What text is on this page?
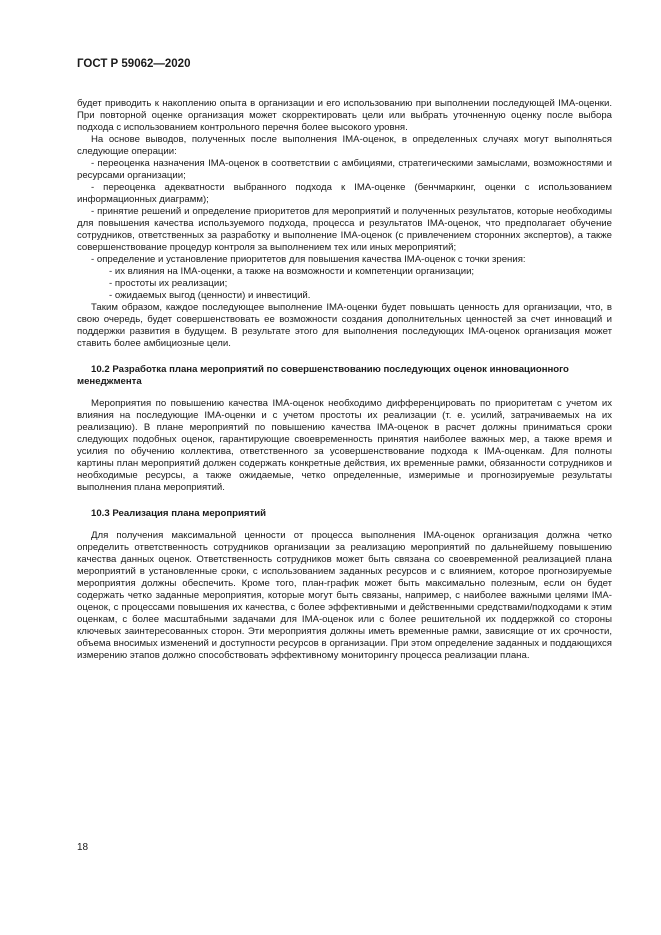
ГОСТ Р 59062—2020

будет приводить к накоплению опыта в организации и его использованию при выполнении последующей IMA-оценки. При повторной оценке организация может скорректировать цели или выбрать уточненную оценку после выбора подхода с использованием контрольного перечня более высокого уровня.

На основе выводов, полученных после выполнения IMA-оценок, в определенных случаях могут выполняться следующие операции:

- переоценка назначения IMA-оценок в соответствии с амбициями, стратегическими замыслами, возможностями и ресурсами организации;

- переоценка адекватности выбранного подхода к IMA-оценке (бенчмаркинг, оценки с использованием информационных диаграмм);

- принятие решений и определение приоритетов для мероприятий и полученных результатов, которые необходимы для повышения качества используемого подхода, процесса и результатов IMA-оценок, что предполагает обучение сотрудников, ответственных за разработку и выполнение IMA-оценок (с привлечением сторонних экспертов), а также совершенствование процедур контроля за выполнением тех или иных мероприятий;

- определение и установление приоритетов для повышения качества IMA-оценок с точки зрения:

- их влияния на IMA-оценки, а также на возможности и компетенции организации;

- простоты их реализации;

- ожидаемых выгод (ценности) и инвестиций.

Таким образом, каждое последующее выполнение IMA-оценки будет повышать ценность для организации, что, в свою очередь, будет совершенствовать ее возможности создания дополнительных ценностей за счет инноваций и поддержки развития в будущем. В результате этого для выполнения последующих IMA-оценок организация может ставить более амбициозные цели.

10.2 Разработка плана мероприятий по совершенствованию последующих оценок инновационного менеджмента

Мероприятия по повышению качества IMA-оценок необходимо дифференцировать по приоритетам с учетом их влияния на последующие IMA-оценки и с учетом простоты их реализации (т. е. усилий, затрачиваемых на их реализацию). В плане мероприятий по повышению качества IMA-оценок в расчет должны приниматься сроки следующих подобных оценок, гарантирующие своевременность принятия наиболее важных мер, а также время и усилия по обучению коллектива, ответственного за усовершенствование подхода к IMA-оценкам. Для полноты картины план мероприятий должен содержать конкретные действия, их временные рамки, обязанности сотрудников и необходимые ресурсы, а также ожидаемые, четко определенные, измеримые и прогнозируемые результаты выполнения плана мероприятий.

10.3 Реализация плана мероприятий

Для получения максимальной ценности от процесса выполнения IMA-оценок организация должна четко определить ответственность сотрудников организации за реализацию мероприятий по дальнейшему повышению качества данных оценок. Ответственность сотрудников может быть связана со своевременной реализацией плана мероприятий в установленные сроки, с использованием заданных ресурсов и с влиянием, которое прогнозируемые мероприятия должны обеспечить. Кроме того, план-график может быть максимально полезным, если он будет содержать четко заданные мероприятия, которые могут быть связаны, например, с наиболее важными целями IMA-оценок, с процессами повышения их качества, с более эффективными и действенными средствами/подходами к этим оценкам, с более масштабными задачами для IMA-оценок или с более решительной их поддержкой со стороны ключевых заинтересованных сторон. Эти мероприятия должны иметь временные рамки, зависящие от их срочности, объема вносимых изменений и доступности ресурсов в организации. При этом определение заданных и поддающихся измерению этапов должно способствовать эффективному мониторингу процесса реализации плана.

18
